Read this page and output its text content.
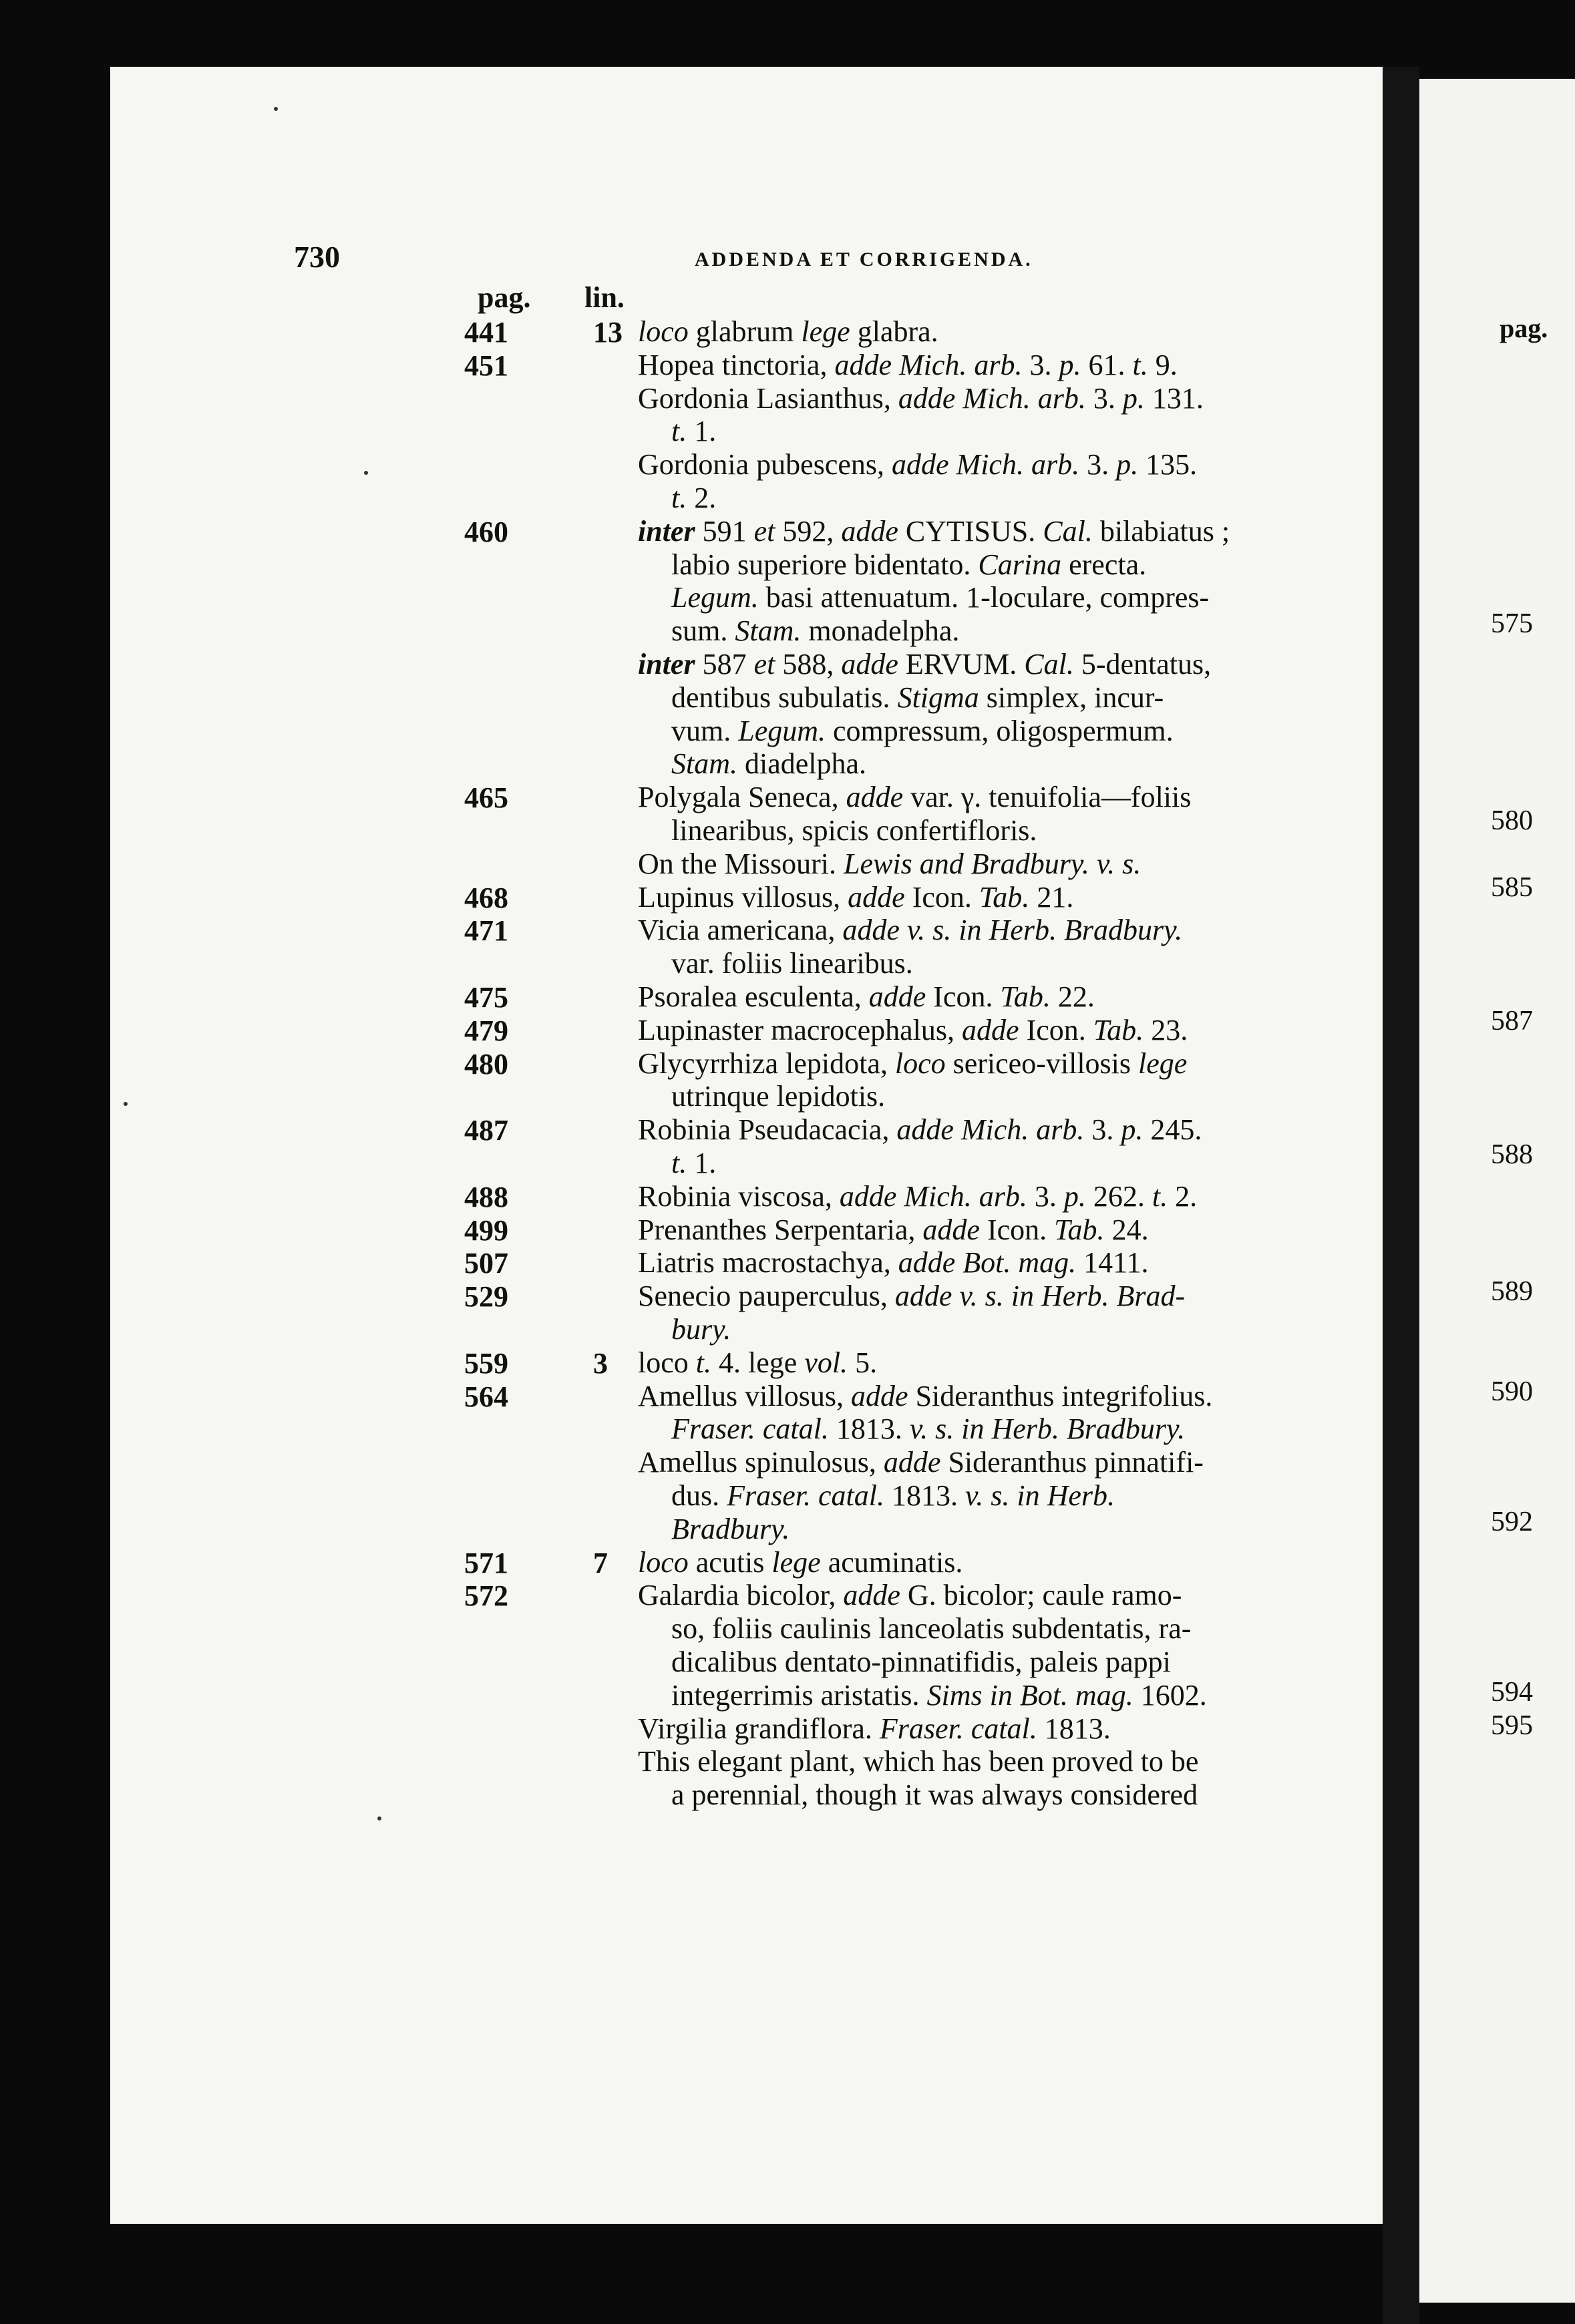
730	ADDENDA ET CORRIGENDA.
pag. lin.
441	13 loco glabrum lege glabra.
451	Hopea tinctoria, adde Mich. arb. 3. p. 61. t. 9.
Gordonia Lasianthus, adde Mich. arb. 3. p. 131.
t. 1.
Gordonia pubescens, adde Mich. arb. 3. p. 135.
t. 2.
460	inter 591 et 592, adde CYTISUS. Cal. bilabiatus ;
labio superiore bidentato. Carina erecta.
Legum. basi attenuatum. 1-loculare, compres-
sum. Stam. monadelpha.
inter 587 et 588, adde ERVUM. Cal. 5-dentatus,
dentibus subulatis. Stigma simplex, incur-
vum. Legum. compressum, oligospermum.
Stam. diadelpha.
465	Polygala Seneca, adde var. γ. tenuifolia—foliis
linearibus, spicis confertifloris.
On the Missouri. Lewis and Bradbury. v. s.
468	Lupinus villosus, adde Icon. Tab. 21.
471	Vicia americana, adde v. s. in Herb. Bradbury.
var. foliis linearibus.
475	Psoralea esculenta, adde Icon. Tab. 22.
479	Lupinaster macrocephalus, adde Icon. Tab. 23.
480	Glycyrrhiza lepidota, loco sericeo-villosis lege
utrinque lepidotis.
487	Robinia Pseudacacia, adde Mich. arb. 3. p. 245.
t. 1.
488	Robinia viscosa, adde Mich. arb. 3. p. 262. t. 2.
499	Prenanthes Serpentaria, adde Icon. Tab. 24.
507	Liatris macrostachya, adde Bot. mag. 1411.
529	Senecio pauperculus, adde v. s. in Herb. Brad-
bury.
559	3 loco t. 4. lege vol. 5.
564	Amellus villosus, adde Sideranthus integrifolius.
Fraser. catal. 1813. v. s. in Herb. Bradbury.
Amellus spinulosus, adde Sideranthus pinnatifi-
dus. Fraser. catal. 1813. v. s. in Herb.
Bradbury.
571	7 loco acutis lege acuminatis.
572	Galardia bicolor, adde G. bicolor; caule ramo-
so, foliis caulinis lanceolatis subdentatis, ra-
dicalibus dentato-pinnatifidis, paleis pappi
integerrimis aristatis. Sims in Bot. mag. 1602.
Virgilia grandiflora. Fraser. catal. 1813.
This elegant plant, which has been proved to be
a perennial, though it was always considered
pag.
575
580
585
587
588
589
590
592
594
595
